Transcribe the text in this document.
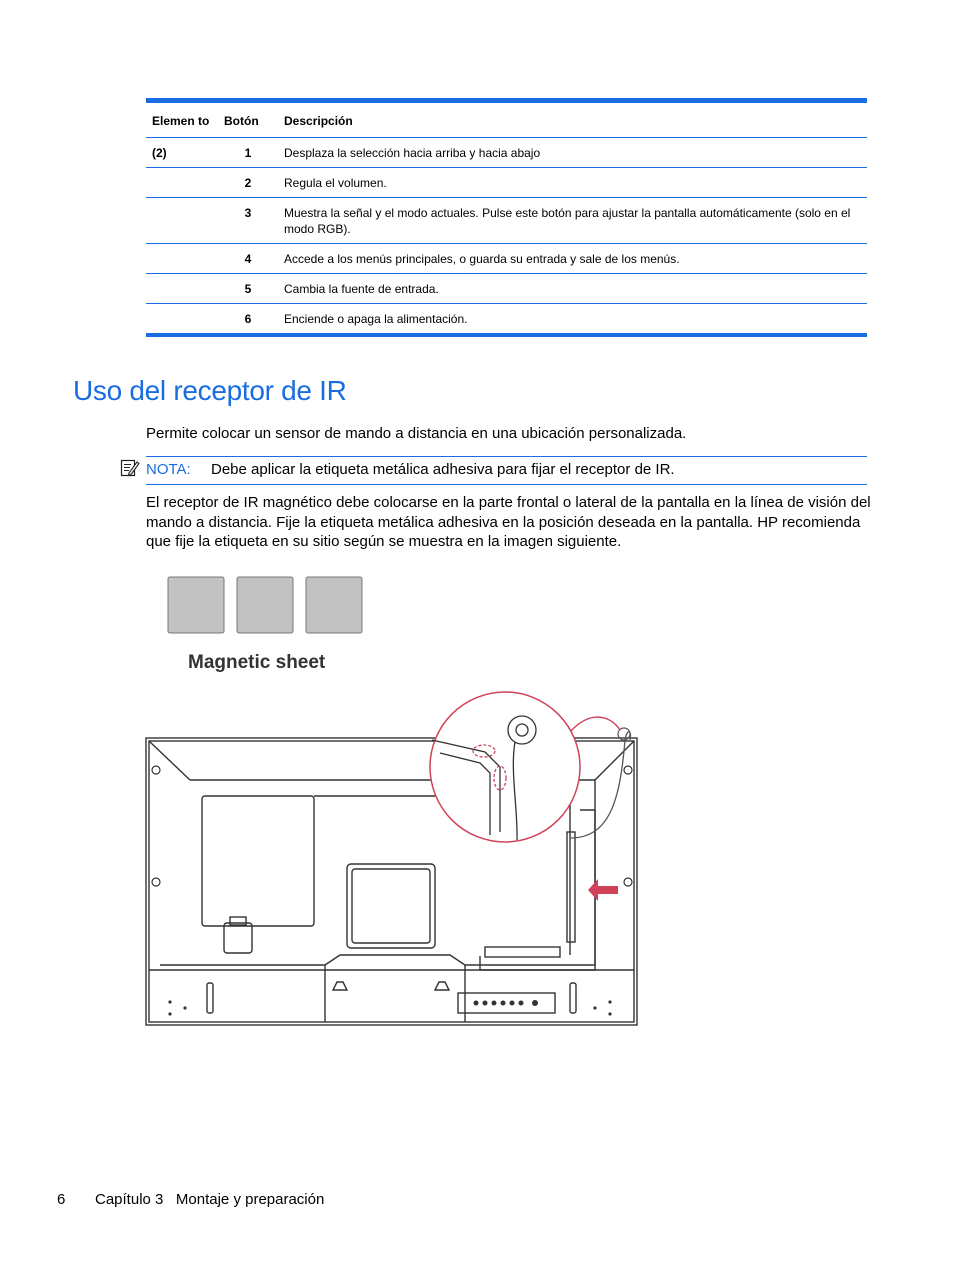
Elemen to	Botón	Descripción
(2)	1	Desplaza la selección hacia arriba y hacia abajo
	2	Regula el volumen.
	3	Muestra la señal y el modo actuales. Pulse este botón para ajustar la pantalla automáticamente (solo en el modo RGB).
	4	Accede a los menús principales, o guarda su entrada y sale de los menús.
	5	Cambia la fuente de entrada.
	6	Enciende o apaga la alimentación.
Uso del receptor de IR

Permite colocar un sensor de mando a distancia en una ubicación personalizada.

NOTA: Debe aplicar la etiqueta metálica adhesiva para fijar el receptor de IR.

El receptor de IR magnético debe colocarse en la parte frontal o lateral de la pantalla en la línea de visión del mando a distancia. Fije la etiqueta metálica adhesiva en la posición deseada en la pantalla. HP recomienda que fije la etiqueta en su sitio según se muestra en la imagen siguiente.

Magnetic sheet
6 Capítulo 3 Montaje y preparación
